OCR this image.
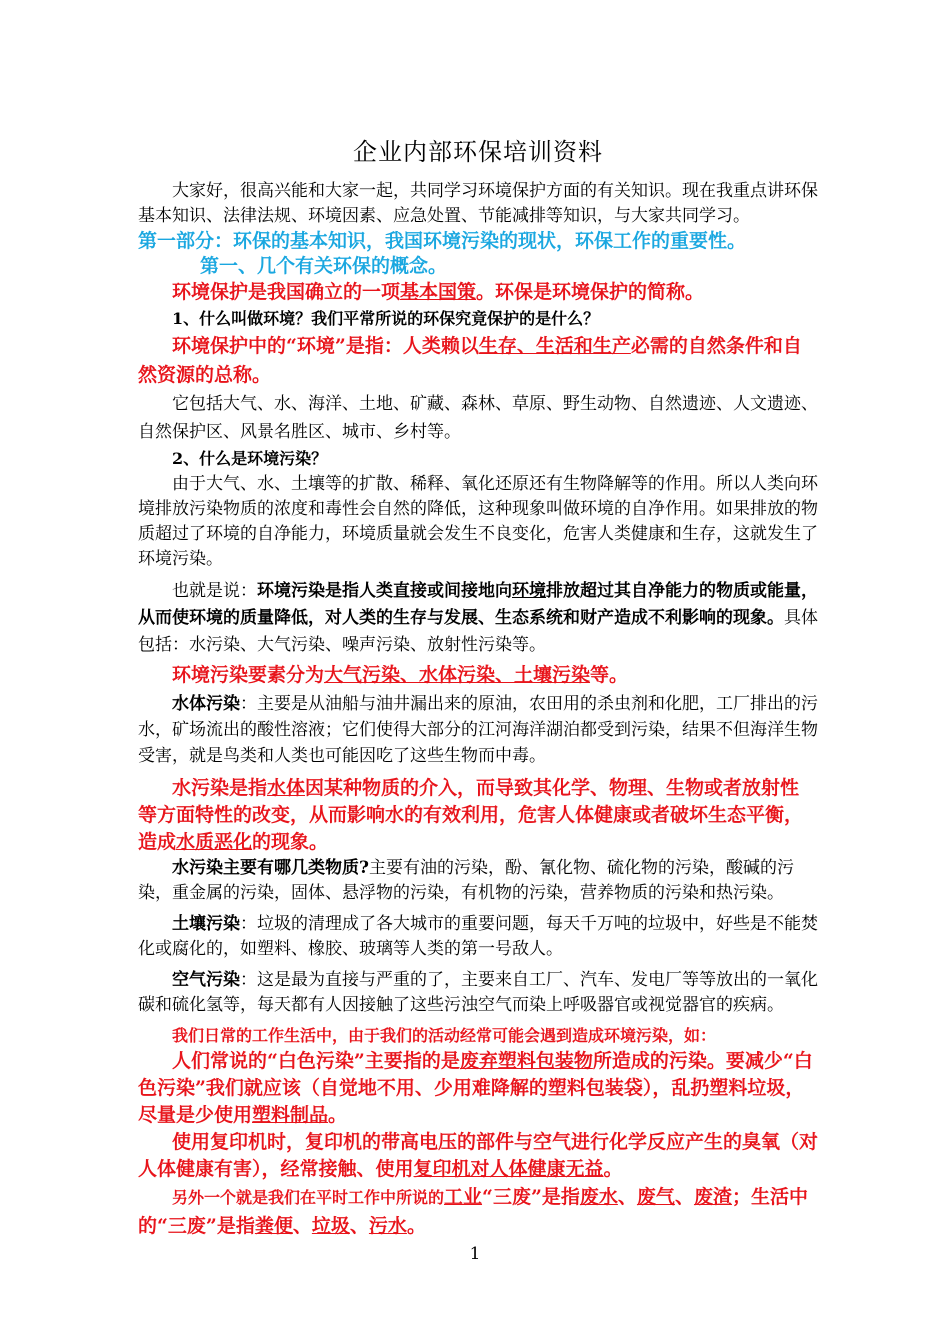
企业内部环保培训资料

大家好，很高兴能和大家一起，共同学习环境保护方面的有关知识。现在我重点讲环保基本知识、法律法规、环境因素、应急处置、节能减排等知识，与大家共同学习。

第一部分：环保的基本知识，我国环境污染的现状，环保工作的重要性。

第一、几个有关环保的概念。

环境保护是我国确立的一项基本国策。环保是环境保护的简称。

1、什么叫做环境？我们平常所说的环保究竟保护的是什么？

环境保护中的“环境”是指：人类赖以生存、生活和生产必需的自然条件和自然资源的总称。

它包括大气、水、海洋、土地、矿藏、森林、草原、野生动物、自然遗迹、人文遗迹、自然保护区、风景名胜区、城市、乡村等。

2、什么是环境污染？

由于大气、水、土壤等的扩散、稀释、氧化还原还有生物降解等的作用。所以人类向环境排放污染物质的浓度和毒性会自然的降低，这种现象叫做环境的自净作用。如果排放的物质超过了环境的自净能力，环境质量就会发生不良变化，危害人类健康和生存，这就发生了环境污染。

也就是说：环境污染是指人类直接或间接地向环境排放超过其自净能力的物质或能量，从而使环境的质量降低，对人类的生存与发展、生态系统和财产造成不利影响的现象。具体包括：水污染、大气污染、噪声污染、放射性污染等。

环境污染要素分为大气污染、水体污染、土壤污染等。

水体污染：主要是从油船与油井漏出来的原油，农田用的杀虫剂和化肥，工厂排出的污水，矿场流出的酸性溶液；它们使得大部分的江河海洋湖泊都受到污染，结果不但海洋生物受害，就是鸟类和人类也可能因吃了这些生物而中毒。

水污染是指水体因某种物质的介入，而导致其化学、物理、生物或者放射性等方面特性的改变，从而影响水的有效利用，危害人体健康或者破坏生态平衡，造成水质恶化的现象。

水污染主要有哪几类物质?主要有油的污染，酚、氰化物、硫化物的污染，酸碱的污染，重金属的污染，固体、悬浮物的污染，有机物的污染，营养物质的污染和热污染。

土壤污染：垃圾的清理成了各大城市的重要问题，每天千万吨的垃圾中，好些是不能焚化或腐化的，如塑料、橡胶、玻璃等人类的第一号敌人。

空气污染：这是最为直接与严重的了，主要来自工厂、汽车、发电厂等等放出的一氧化碳和硫化氢等，每天都有人因接触了这些污浊空气而染上呼吸器官或视觉器官的疾病。

我们日常的工作生活中，由于我们的活动经常可能会遇到造成环境污染，如：

人们常说的“白色污染”主要指的是废弃塑料包装物所造成的污染。要减少“白色污染”我们就应该（自觉地不用、少用难降解的塑料包装袋），乱扔塑料垃圾，尽量是少使用塑料制品。

使用复印机时，复印机的带高电压的部件与空气进行化学反应产生的臭氧（对人体健康有害），经常接触、使用复印机对人体健康无益。

另外一个就是我们在平时工作中所说的工业“三废”是指废水、废气、废渣；生活中的“三废”是指粪便、垃圾、污水。

1
